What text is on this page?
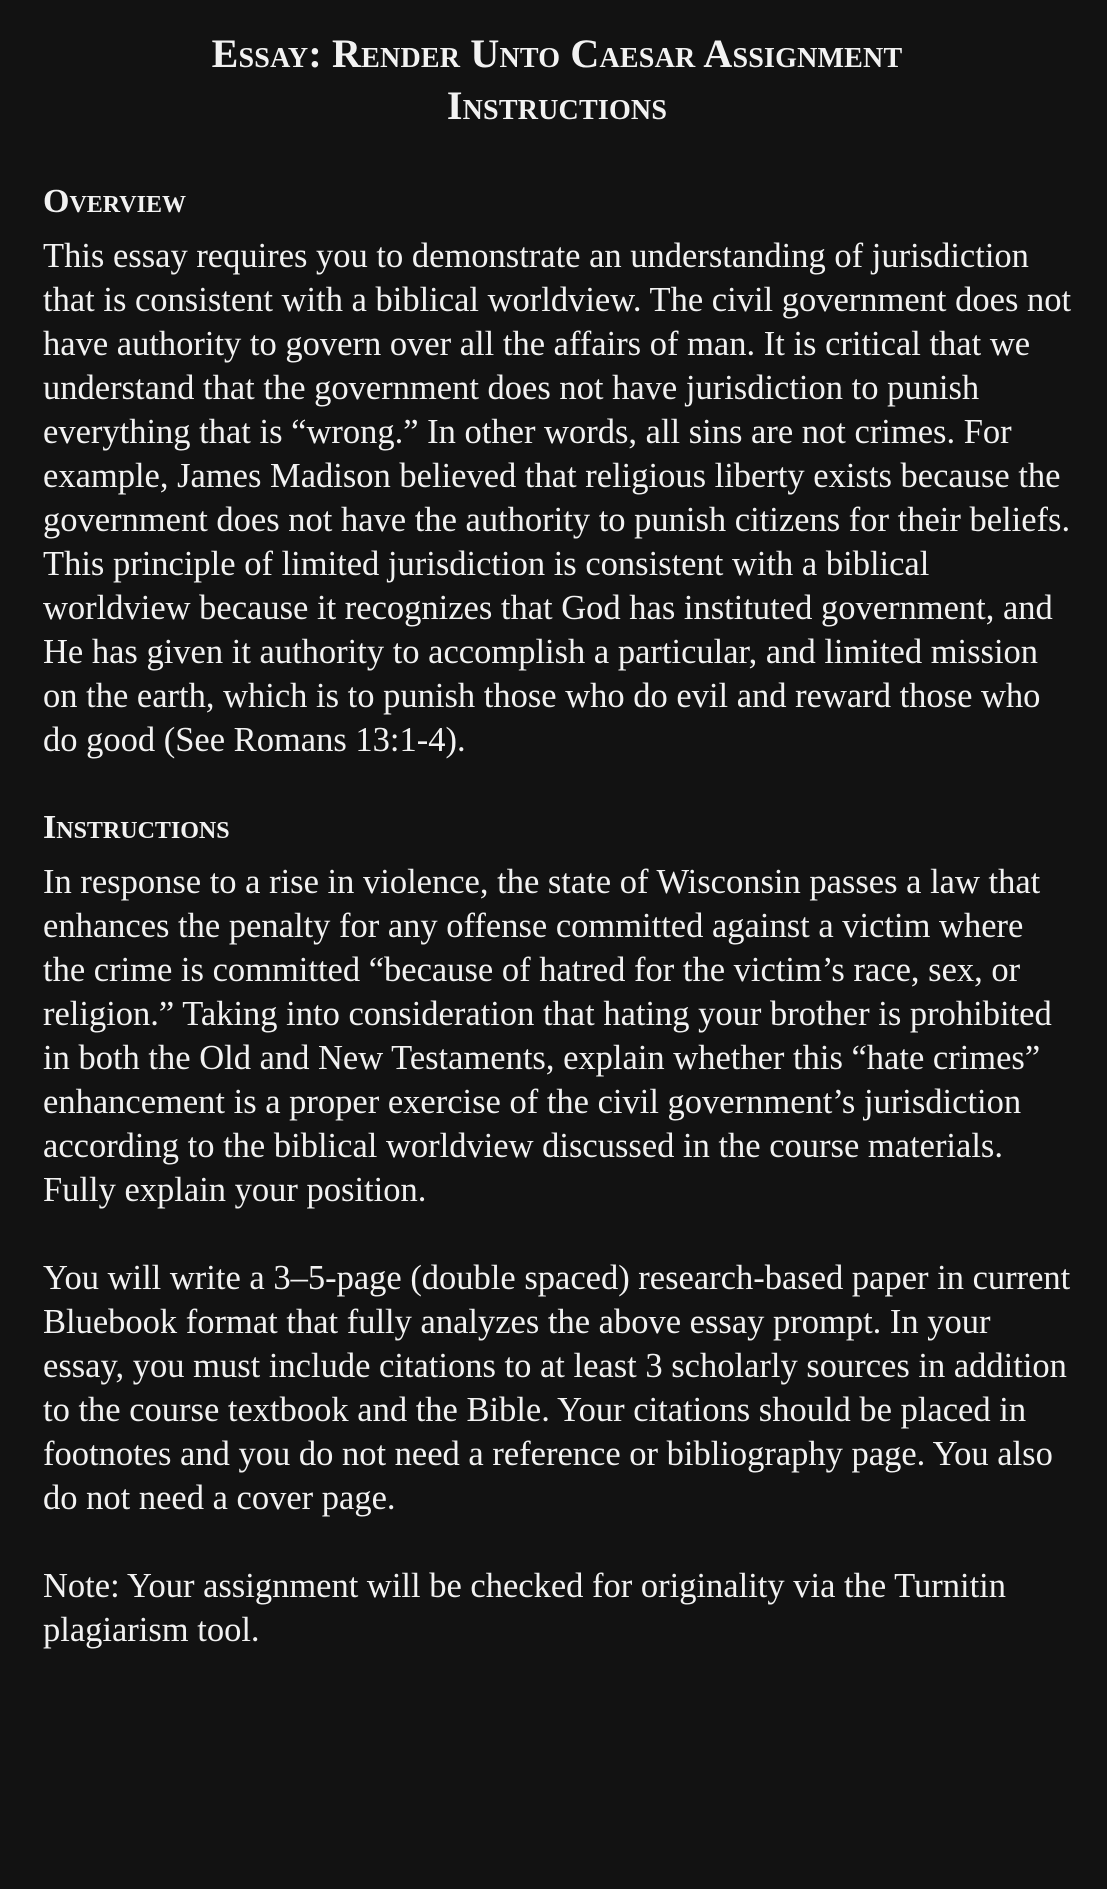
Essay: Render Unto Caesar Assignment
Instructions
Overview

This essay requires you to demonstrate an understanding of jurisdiction that is consistent with a biblical worldview. The civil government does not have authority to govern over all the affairs of man. It is critical that we understand that the government does not have jurisdiction to punish everything that is “wrong.” In other words, all sins are not crimes. For example, James Madison believed that religious liberty exists because the government does not have the authority to punish citizens for their beliefs. This principle of limited jurisdiction is consistent with a biblical worldview because it recognizes that God has instituted government, and He has given it authority to accomplish a particular, and limited mission on the earth, which is to punish those who do evil and reward those who do good (See Romans 13:1-4).

Instructions

In response to a rise in violence, the state of Wisconsin passes a law that enhances the penalty for any offense committed against a victim where the crime is committed “because of hatred for the victim’s race, sex, or religion.” Taking into consideration that hating your brother is prohibited in both the Old and New Testaments, explain whether this “hate crimes” enhancement is a proper exercise of the civil government’s jurisdiction according to the biblical worldview discussed in the course materials. Fully explain your position.

You will write a 3–5-page (double spaced) research-based paper in current Bluebook format that fully analyzes the above essay prompt. In your essay, you must include citations to at least 3 scholarly sources in addition to the course textbook and the Bible. Your citations should be placed in footnotes and you do not need a reference or bibliography page. You also do not need a cover page.

Note: Your assignment will be checked for originality via the Turnitin plagiarism tool.
